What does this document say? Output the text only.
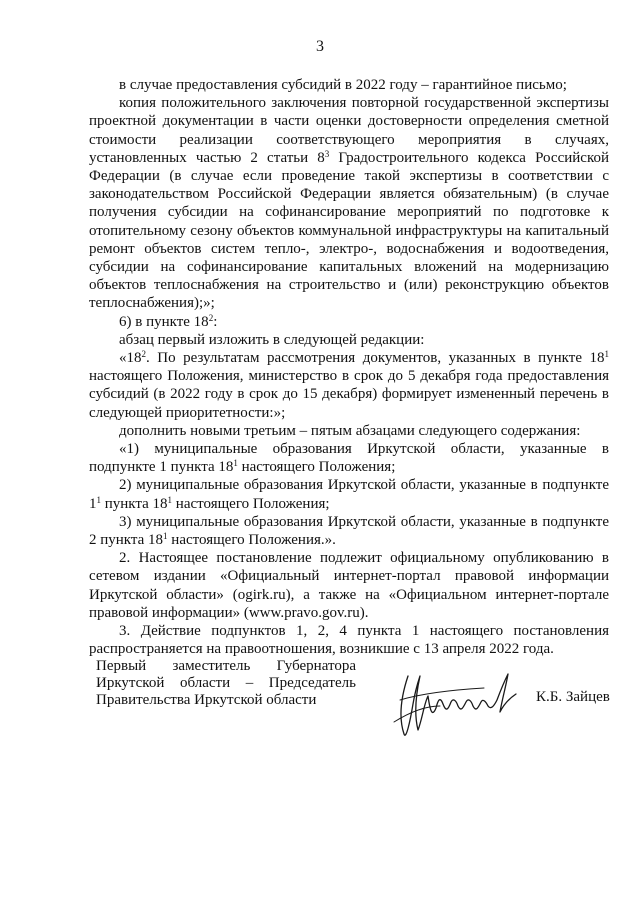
3

в случае предоставления субсидий в 2022 году – гарантийное письмо;

копия положительного заключения повторной государственной экспертизы проектной документации в части оценки достоверности определения сметной стоимости реализации соответствующего мероприятия в случаях, установленных частью 2 статьи $8^3$ Градостроительного кодекса Российской Федерации (в случае если проведение такой экспертизы в соответствии с законодательством Российской Федерации является обязательным) (в случае получения субсидии на софинансирование мероприятий по подготовке к отопительному сезону объектов коммунальной инфраструктуры на капитальный ремонт объектов систем тепло-, электро-, водоснабжения и водоотведения, субсидии на софинансирование капитальных вложений на модернизацию объектов теплоснабжения на строительство и (или) реконструкцию объектов теплоснабжения);»;

6) в пункте $18^2$:

абзац первый изложить в следующей редакции:

«$18^2$. По результатам рассмотрения документов, указанных в пункте $18^1$ настоящего Положения, министерство в срок до 5 декабря года предоставления субсидий (в 2022 году в срок до 15 декабря) формирует измененный перечень в следующей приоритетности:»;

дополнить новыми третьим – пятым абзацами следующего содержания:

«1) муниципальные образования Иркутской области, указанные в подпункте 1 пункта $18^1$ настоящего Положения;

2) муниципальные образования Иркутской области, указанные в подпункте $1^1$ пункта $18^1$ настоящего Положения;

3) муниципальные образования Иркутской области, указанные в подпункте 2 пункта $18^1$ настоящего Положения.».

2. Настоящее постановление подлежит официальному опубликованию в сетевом издании «Официальный интернет-портал правовой информации Иркутской области» (ogirk.ru), а также на «Официальном интернет-портале правовой информации» (www.pravo.gov.ru).

3. Действие подпунктов 1, 2, 4 пункта 1 настоящего постановления распространяется на правоотношения, возникшие с 13 апреля 2022 года.

Первый заместитель Губернатора
Иркутской области – Председатель
Правительства Иркутской области	К.Б. Зайцев
